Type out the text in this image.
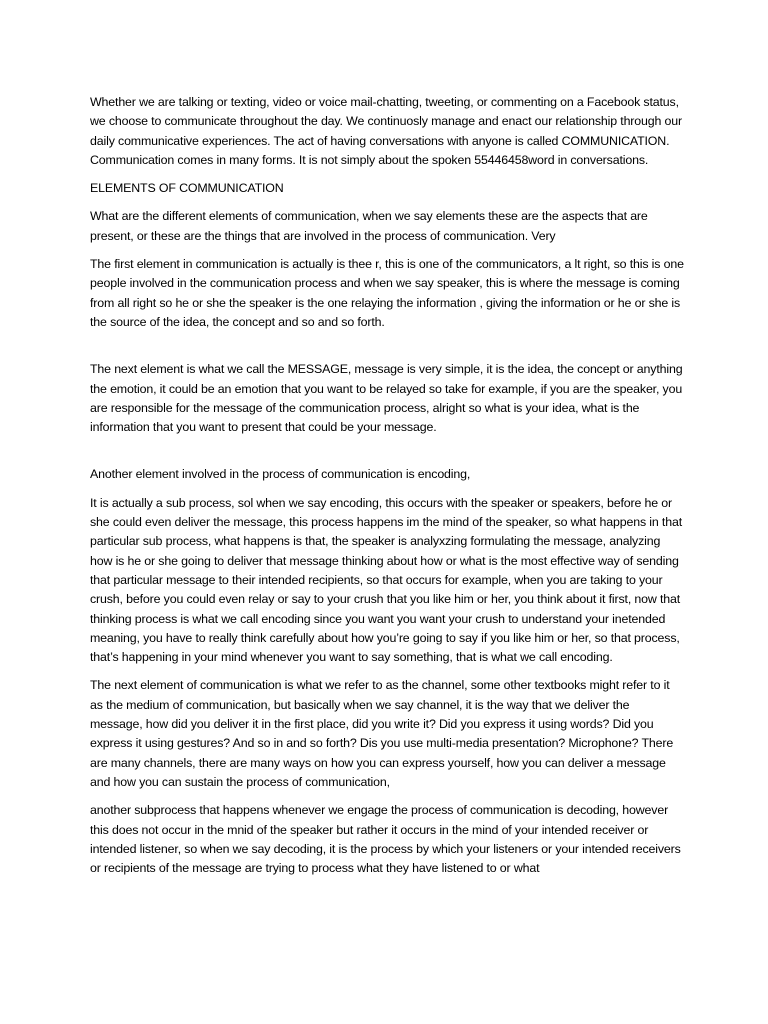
Whether we are talking or texting, video or voice mail-chatting, tweeting, or commenting on a Facebook status, we choose to communicate throughout the day. We continuosly manage and enact our relationship through our daily communicative experiences. The act of having conversations with anyone is called COMMUNICATION. Communication comes in many forms. It is not simply about the spoken 55446458word in conversations.

ELEMENTS OF COMMUNICATION

What are the different elements of communication, when we say elements these are the aspects that are present, or these are the things that are involved in the process of communication. Very

The first element in communication is actually is thee r, this is one of the communicators, a lt right, so this is one people involved in the communication process and when we say speaker, this is where the message is coming from all right so he or she the speaker is the one relaying the information , giving the information or he or she is the source of the idea, the concept and so and so forth.

The next element is what we call the MESSAGE, message is very simple, it is the idea, the concept or anything the emotion, it could be an emotion that you want to be relayed so take for example, if you are the speaker, you are responsible for the message of the communication process, alright so what is your idea, what is the information that you want to present that could be your message.

Another element involved in the process of communication is encoding,

It is actually a sub process, sol when we say encoding, this occurs with the speaker or speakers, before he or she could even deliver the message, this process happens im the mind of the speaker, so what happens in that particular sub process, what happens is that, the speaker is analyxzing formulating the message, analyzing how is he or she going to deliver that message thinking about how or what is the most effective way of sending that particular message to their intended recipients, so that occurs for example, when you are taking to your crush, before you could even relay or say to your crush that you like him or her, you think about it first, now that thinking process is what we call encoding since you want you want your crush to understand your inetended meaning, you have to really think carefully about how you’re going to say if you like him or her, so that process, that’s happening in your mind whenever you want to say something, that is what we call encoding.

The next element of communication is what we refer to as the channel, some other textbooks might refer to it as the medium of communication, but basically when we say channel, it is the way that we deliver the message, how did you deliver it in the first place, did you write it? Did you express it using words? Did you express it using gestures? And so in and so forth? Dis you use multi-media presentation? Microphone? There are many channels, there are many ways on how you can express yourself, how you can deliver a message and how you can sustain the process of communication,

another subprocess that happens whenever we engage the process of communication is decoding, however this does not occur in the mnid of the speaker but rather it occurs in the mind of your intended receiver or intended listener, so when we say decoding, it is the process by which your listeners or your intended receivers or recipients of the message are trying to process what they have listened to or what
